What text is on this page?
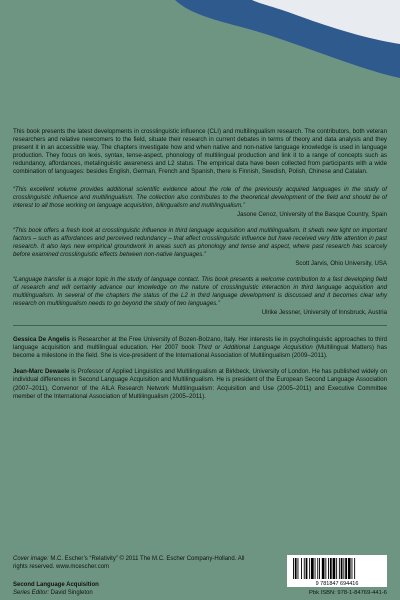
This book presents the latest developments in crosslinguistic influence (CLI) and multilingualism research. The contributors, both veteran researchers and relative newcomers to the field, situate their research in current debates in terms of theory and data analysis and they present it in an accessible way. The chapters investigate how and when native and non-native language knowledge is used in language production. They focus on lexis, syntax, tense-aspect, phonology of multilingual production and link it to a range of concepts such as redundancy, affordances, metalinguistic awareness and L2 status. The empirical data have been collected from participants with a wide combination of languages: besides English, German, French and Spanish, there is Finnish, Swedish, Polish, Chinese and Catalan.

“This excellent volume provides additional scientific evidence about the role of the previously acquired languages in the study of crosslinguistic influence and multilingualism. The collection also contributes to the theoretical development of the field and should be of interest to all those working on language acquisition, bilingualism and multilingualism.”

Jasone Cenoz, University of the Basque Country, Spain

“This book offers a fresh look at crosslinguistic influence in third language acquisition and multilingualism. It sheds new light on important factors – such as affordances and perceived redundancy – that affect crosslinguistic influence but have received very little attention in past research. It also lays new empirical groundwork in areas such as phonology and tense and aspect, where past research has scarcely before examined crosslinguistic effects between non-native languages.”

Scott Jarvis, Ohio University, USA

“Language transfer is a major topic in the study of language contact. This book presents a welcome contribution to a fast developing field of research and will certainly advance our knowledge on the nature of crosslinguistic interaction in third language acquisition and multilingualism. In several of the chapters the status of the L2 in third language development is discussed and it becomes clear why research on multilingualism needs to go beyond the study of two languages.”

Ulrike Jessner, University of Innsbruck, Austria

Gessica De Angelis is Researcher at the Free University of Bozen-Bolzano, Italy. Her interests lie in psycholinguistic approaches to third language acquisition and multilingual education. Her 2007 book Third or Additional Language Acquisition (Multilingual Matters) has become a milestone in the field. She is vice-president of the International Association of Multilingualism (2009–2011).

Jean-Marc Dewaele is Professor of Applied Linguistics and Multilingualism at Birkbeck, University of London. He has published widely on individual differences in Second Language Acquisition and Multilingualism. He is president of the European Second Language Association (2007–2011), Convenor of the AILA Research Network Multilingualism: Acquisition and Use (2005–2011) and Executive Committee member of the International Association of Multilingualism (2005–2011).

Cover image: M.C. Escher’s “Relativity” © 2011 The M.C. Escher Company-Holland. All rights reserved. www.mcescher.com

Second Language Acquisition
Series Editor: David Singleton
9 781847 694416
Pbk ISBN: 978-1-84769-441-6
